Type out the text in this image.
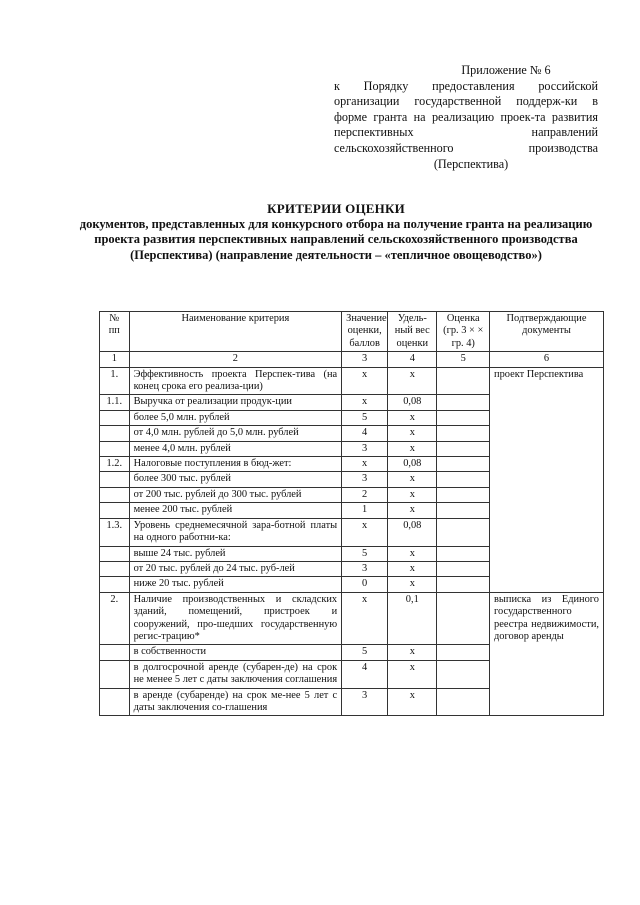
Приложение № 6
к Порядку предоставления российской организации государственной поддерж-ки в форме гранта на реализацию проек-та развития перспективных направлений сельскохозяйственного производства
(Перспектива)
КРИТЕРИИ ОЦЕНКИ
документов, представленных для конкурсного отбора на получение гранта на реализацию проекта развития перспективных направлений сельскохозяйственного производства (Перспектива) (направление деятельности – «тепличное овощеводство»)
№ пп	Наименование критерия	Значение оценки, баллов	Удель-ный вес оценки	Оценка (гр. 3 × × гр. 4)	Подтверждающие документы
1	2	3	4	5	6
1.	Эффективность проекта Перспек-тива (на конец срока его реализа-ции)	х	х		проект Перспектива
1.1.	Выручка от реализации продук-ции	х	0,08		
	более 5,0 млн. рублей	5	х		
	от 4,0 млн. рублей до 5,0 млн. рублей	4	х		
	менее 4,0 млн. рублей	3	х		
1.2.	Налоговые поступления в бюд-жет:	х	0,08		
	более 300 тыс. рублей	3	х		
	от 200 тыс. рублей до 300 тыс. рублей	2	х		
	менее 200 тыс. рублей	1	х		
1.3.	Уровень среднемесячной зара-ботной платы на одного работни-ка:	х	0,08		
	выше 24 тыс. рублей	5	х		
	от 20 тыс. рублей до 24 тыс. руб-лей	3	х		
	ниже 20 тыс. рублей	0	х		
2.	Наличие производственных и складских зданий, помещений, пристроек и сооружений, про-шедших государственную регис-трацию*	х	0,1		выписка из Единого государственного реестра недвижимости, договор аренды
	в собственности	5	х		
	в долгосрочной аренде (субарен-де) на срок не менее 5 лет с даты заключения соглашения	4	х		
	в аренде (субаренде) на срок ме-нее 5 лет с даты заключения со-глашения	3	х		
